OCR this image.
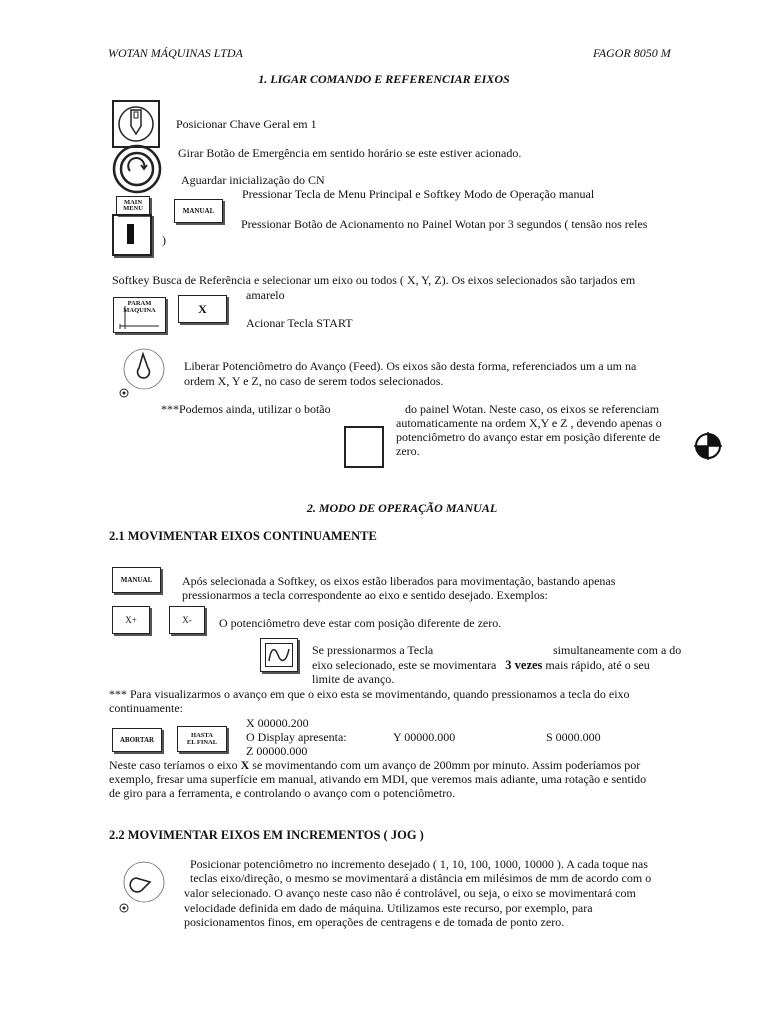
WOTAN MÁQUINAS LTDA	FAGOR 8050 M
1. LIGAR COMANDO E REFERENCIAR EIXOS
Posicionar Chave Geral em 1
Girar Botão de Emergência em sentido horário se este estiver acionado.
Aguardar inicialização do CN
MAIN
MENU	MANUAL
Pressionar Tecla de Menu Principal e Softkey Modo de Operação manual
Pressionar Botão de Acionamento no Painel Wotan por 3 segundos ( tensão nos reles
)
Softkey Busca de Referência e selecionar um eixo ou todos ( X, Y, Z). Os eixos selecionados são tarjados em
amarelo
PARAM
MAQUINA	X
Acionar Tecla START
Liberar Potenciômetro do Avanço (Feed). Os eixos são desta forma, referenciados um a um na
ordem X, Y e Z, no caso de serem todos selecionados.
***Podemos ainda, utilizar o botão	do painel Wotan. Neste caso, os eixos se referenciam
automaticamente na ordem X,Y e Z , devendo apenas o
potenciômetro do avanço estar em posição diferente de
zero.
2. MODO DE OPERAÇÃO MANUAL
2.1 MOVIMENTAR EIXOS CONTINUAMENTE
MANUAL	Após selecionada a Softkey, os eixos estão liberados para movimentação, bastando apenas
pressionarmos a tecla correspondente ao eixo e sentido desejado. Exemplos:
X+	X-	O potenciômetro deve estar com posição diferente de zero.
Se pressionarmos a Tecla	simultaneamente com a do
eixo selecionado, este se movimentara 3 vezes mais rápido, até o seu
limite de avanço.
*** Para visualizarmos o avanço em que o eixo esta se movimentando, quando pressionamos a tecla do eixo
continuamente:
ABORTAR
HASTA
EL FINAL
X 00000.200
O Display apresenta:	Y 00000.000	S 0000.000
Z 00000.000
Neste caso teríamos o eixo X se movimentando com um avanço de 200mm por minuto. Assim poderíamos por
exemplo, fresar uma superfície em manual, ativando em MDI, que veremos mais adiante, uma rotação e sentido
de giro para a ferramenta, e controlando o avanço com o potenciômetro.
2.2 MOVIMENTAR EIXOS EM INCREMENTOS ( JOG )
Posicionar potenciômetro no incremento desejado ( 1, 10, 100, 1000, 10000 ). A cada toque nas
teclas eixo/direção, o mesmo se movimentará a distância em milésimos de mm de acordo com o
valor selecionado. O avanço neste caso não é controlável, ou seja, o eixo se movimentará com
velocidade definida em dado de máquina. Utilizamos este recurso, por exemplo, para
posicionamentos finos, em operações de centragens e de tomada de ponto zero.
